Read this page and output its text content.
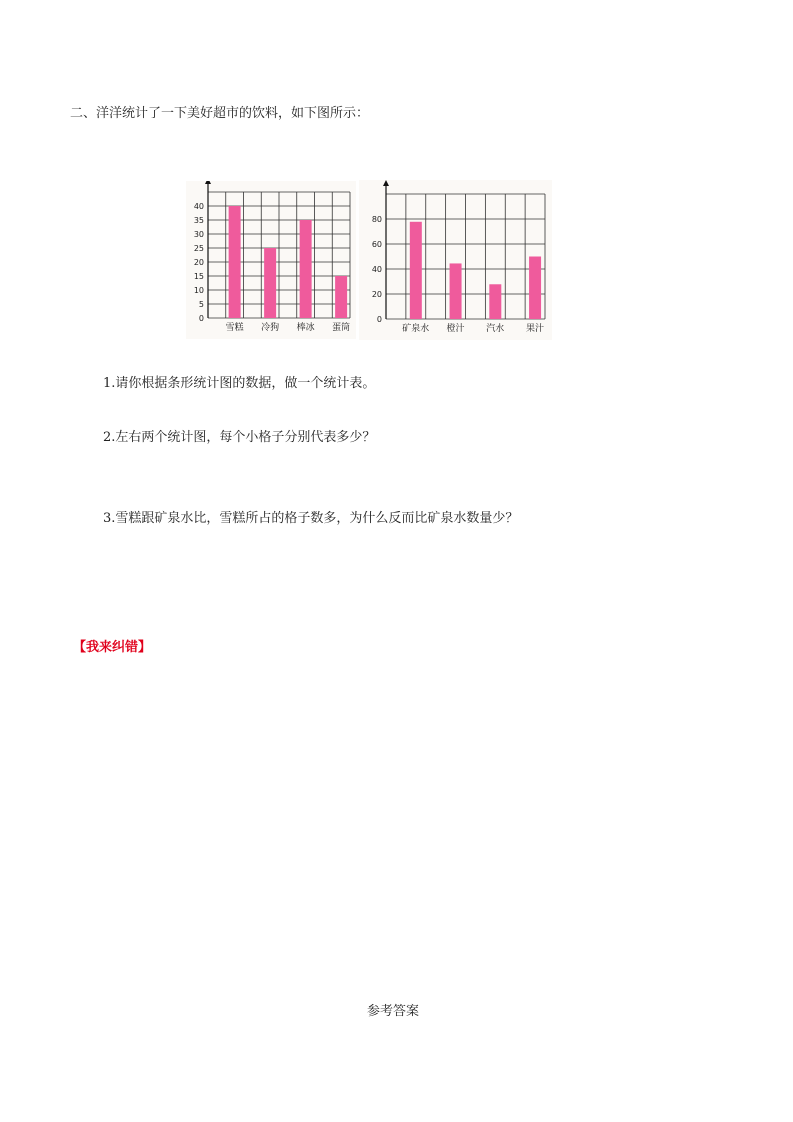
二、洋洋统计了一下美好超市的饮料，如下图所示：
0
5
10
15
20
25
30
35
40
雪糕 冷狗 棒冰 蛋筒
0
20
40
60
80
矿泉水 橙汁 汽水 果汁
1.请你根据条形统计图的数据，做一个统计表。
2.左右两个统计图，每个小格子分别代表多少？
3.雪糕跟矿泉水比，雪糕所占的格子数多，为什么反而比矿泉水数量少？
【我来纠错】
参考答案
